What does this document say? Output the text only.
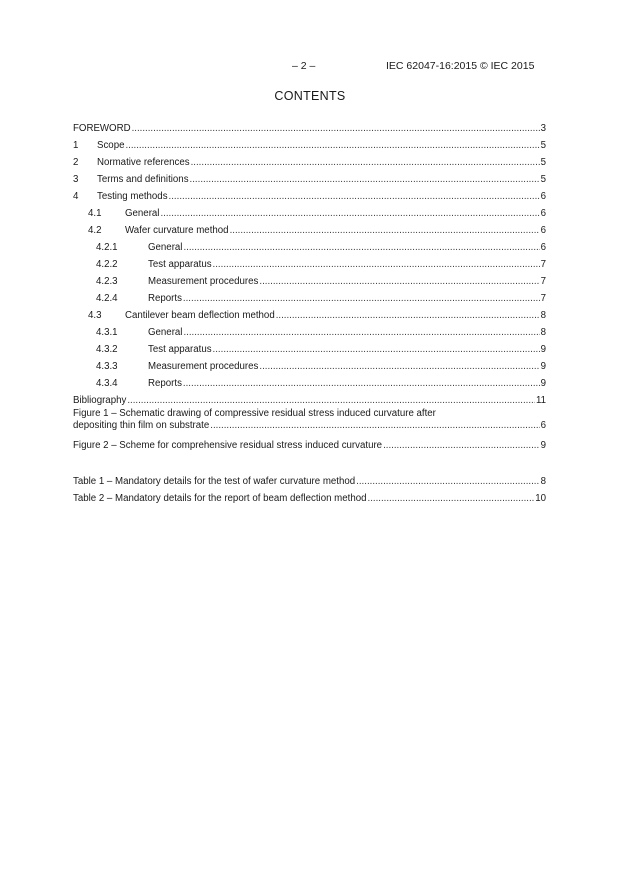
– 2 –	IEC 62047-16:2015 © IEC 2015
CONTENTS
FOREWORD .....	3
1	Scope .....	5
2	Normative references .....	5
3	Terms and definitions .....	5
4	Testing methods .....	6
4.1	General .....	6
4.2	Wafer curvature method .....	6
4.2.1	General .....	6
4.2.2	Test apparatus .....	7
4.2.3	Measurement procedures .....	7
4.2.4	Reports .....	7
4.3	Cantilever beam deflection method .....	8
4.3.1	General .....	8
4.3.2	Test apparatus .....	9
4.3.3	Measurement procedures .....	9
4.3.4	Reports .....	9
Bibliography .....	11
Figure 1 – Schematic drawing of compressive residual stress induced curvature after
depositing thin film on substrate .....	6
Figure 2 – Scheme for comprehensive residual stress induced curvature .....	9
Table 1 – Mandatory details for the test of wafer curvature method .....	8
Table 2 – Mandatory details for the report of beam deflection method .....	10
